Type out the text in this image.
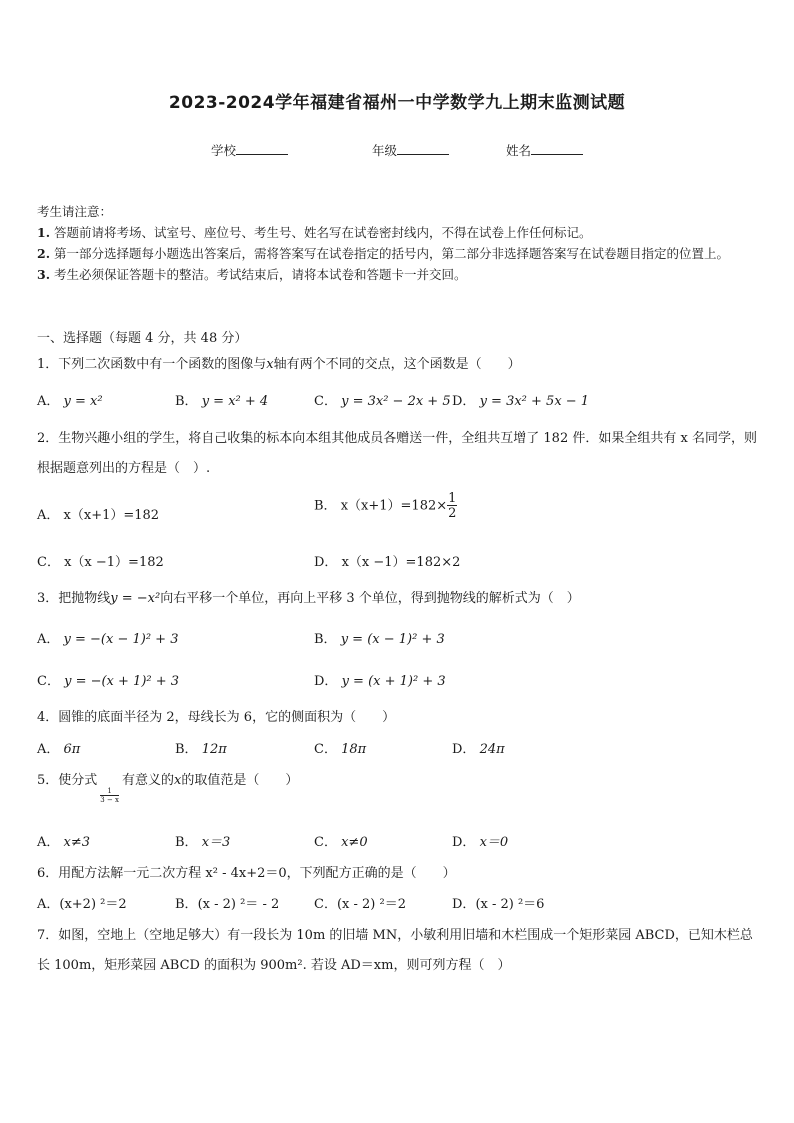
2023-2024学年福建省福州一中学数学九上期末监测试题
学校	年级	姓名
考生请注意：
1. 答题前请将考场、试室号、座位号、考生号、姓名写在试卷密封线内，不得在试卷上作任何标记。
2. 第一部分选择题每小题选出答案后，需将答案写在试卷指定的括号内，第二部分非选择题答案写在试卷题目指定的位置上。
3. 考生必须保证答题卡的整洁。考试结束后，请将本试卷和答题卡一并交回。
一、选择题（每题 4 分，共 48 分）
1．下列二次函数中有一个函数的图像与x轴有两个不同的交点，这个函数是（　　）
A． y = x²	B． y = x² + 4	C． y = 3x² − 2x + 5 D． y = 3x² + 5x − 1
2．生物兴趣小组的学生，将自己收集的标本向本组其他成员各赠送一件，全组共互增了 182 件．如果全组共有 x 名同学，则根据题意列出的方程是（　）.
A． x（x+1）=182
B． $x(x+1)=182\times \frac{1}{2}$
C． x（x −1）=182	D． x（x −1）=182×2
3．把抛物线y = −x²向右平移一个单位，再向上平移 3 个单位，得到抛物线的解析式为（　）
A． y = −(x − 1)² + 3	B． y = (x − 1)² + 3
C． y = −(x + 1)² + 3	D． y = (x + 1)² + 3
4．圆锥的底面半径为 2，母线长为 6，它的侧面积为（　　）
A． 6π	B． 12π	C． 18π	D． 24π
5．使分式
$\frac{1}{3 - x}$
有意义的x的取值范是（　　）
A． x≠3	B． x＝3	C． x≠0	D． x＝0
6．用配方法解一元二次方程 x² - 4x+2＝0，下列配方正确的是（　　）
A．(x+2) ²＝2	B．(x - 2) ²＝ - 2	C．(x - 2) ²＝2	D．(x - 2) ²＝6
7．如图，空地上（空地足够大）有一段长为 10m 的旧墙 MN，小敏利用旧墙和木栏围成一个矩形菜园 ABCD，已知木栏总长 100m，矩形菜园 ABCD 的面积为 900m². 若设 AD＝xm，则可列方程（　）
